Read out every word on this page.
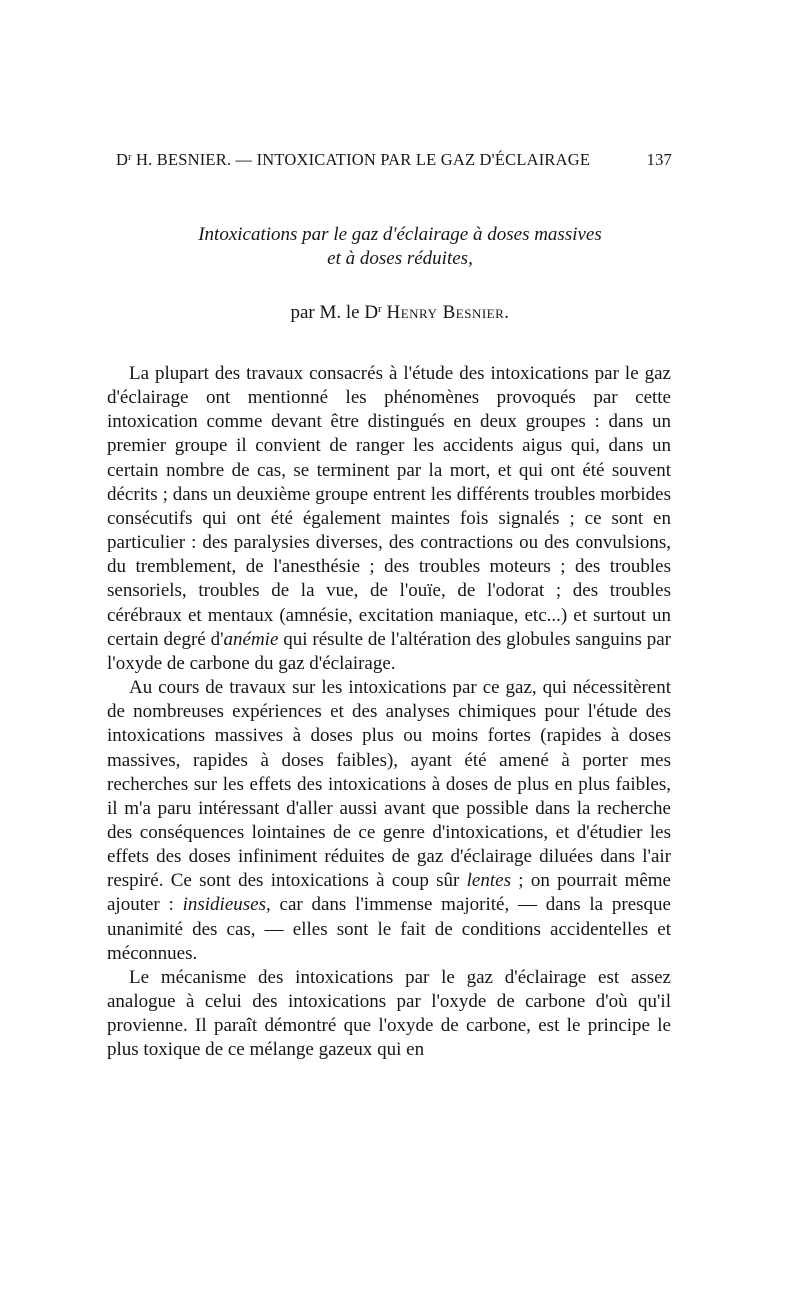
$D^r$ H. BESNIER. — INTOXICATION PAR LE GAZ D'ÉCLAIRAGE	137
Intoxications par le gaz d'éclairage à doses massives
et à doses réduites,
par M. le $D^r$ Henry Besnier.

La plupart des travaux consacrés à l'étude des intoxications par le gaz d'éclairage ont mentionné les phénomènes provoqués par cette intoxication comme devant être distingués en deux groupes : dans un premier groupe il convient de ranger les accidents aigus qui, dans un certain nombre de cas, se terminent par la mort, et qui ont été souvent décrits ; dans un deuxième groupe entrent les différents troubles morbides consécutifs qui ont été également maintes fois signalés ; ce sont en particulier : des paralysies diverses, des contractions ou des convulsions, du tremblement, de l'anesthésie ; des troubles moteurs ; des troubles sensoriels, troubles de la vue, de l'ouïe, de l'odorat ; des troubles cérébraux et mentaux (amnésie, excitation maniaque, etc...) et surtout un certain degré d'anémie qui résulte de l'altération des globules sanguins par l'oxyde de carbone du gaz d'éclairage.

Au cours de travaux sur les intoxications par ce gaz, qui nécessitèrent de nombreuses expériences et des analyses chimiques pour l'étude des intoxications massives à doses plus ou moins fortes (rapides à doses massives, rapides à doses faibles), ayant été amené à porter mes recherches sur les effets des intoxications à doses de plus en plus faibles, il m'a paru intéressant d'aller aussi avant que possible dans la recherche des conséquences lointaines de ce genre d'intoxications, et d'étudier les effets des doses infiniment réduites de gaz d'éclairage diluées dans l'air respiré. Ce sont des intoxications à coup sûr lentes ; on pourrait même ajouter : insidieuses, car dans l'immense majorité, — dans la presque unanimité des cas, — elles sont le fait de conditions accidentelles et méconnues.

Le mécanisme des intoxications par le gaz d'éclairage est assez analogue à celui des intoxications par l'oxyde de carbone d'où qu'il provienne. Il paraît démontré que l'oxyde de carbone, est le principe le plus toxique de ce mélange gazeux qui en
